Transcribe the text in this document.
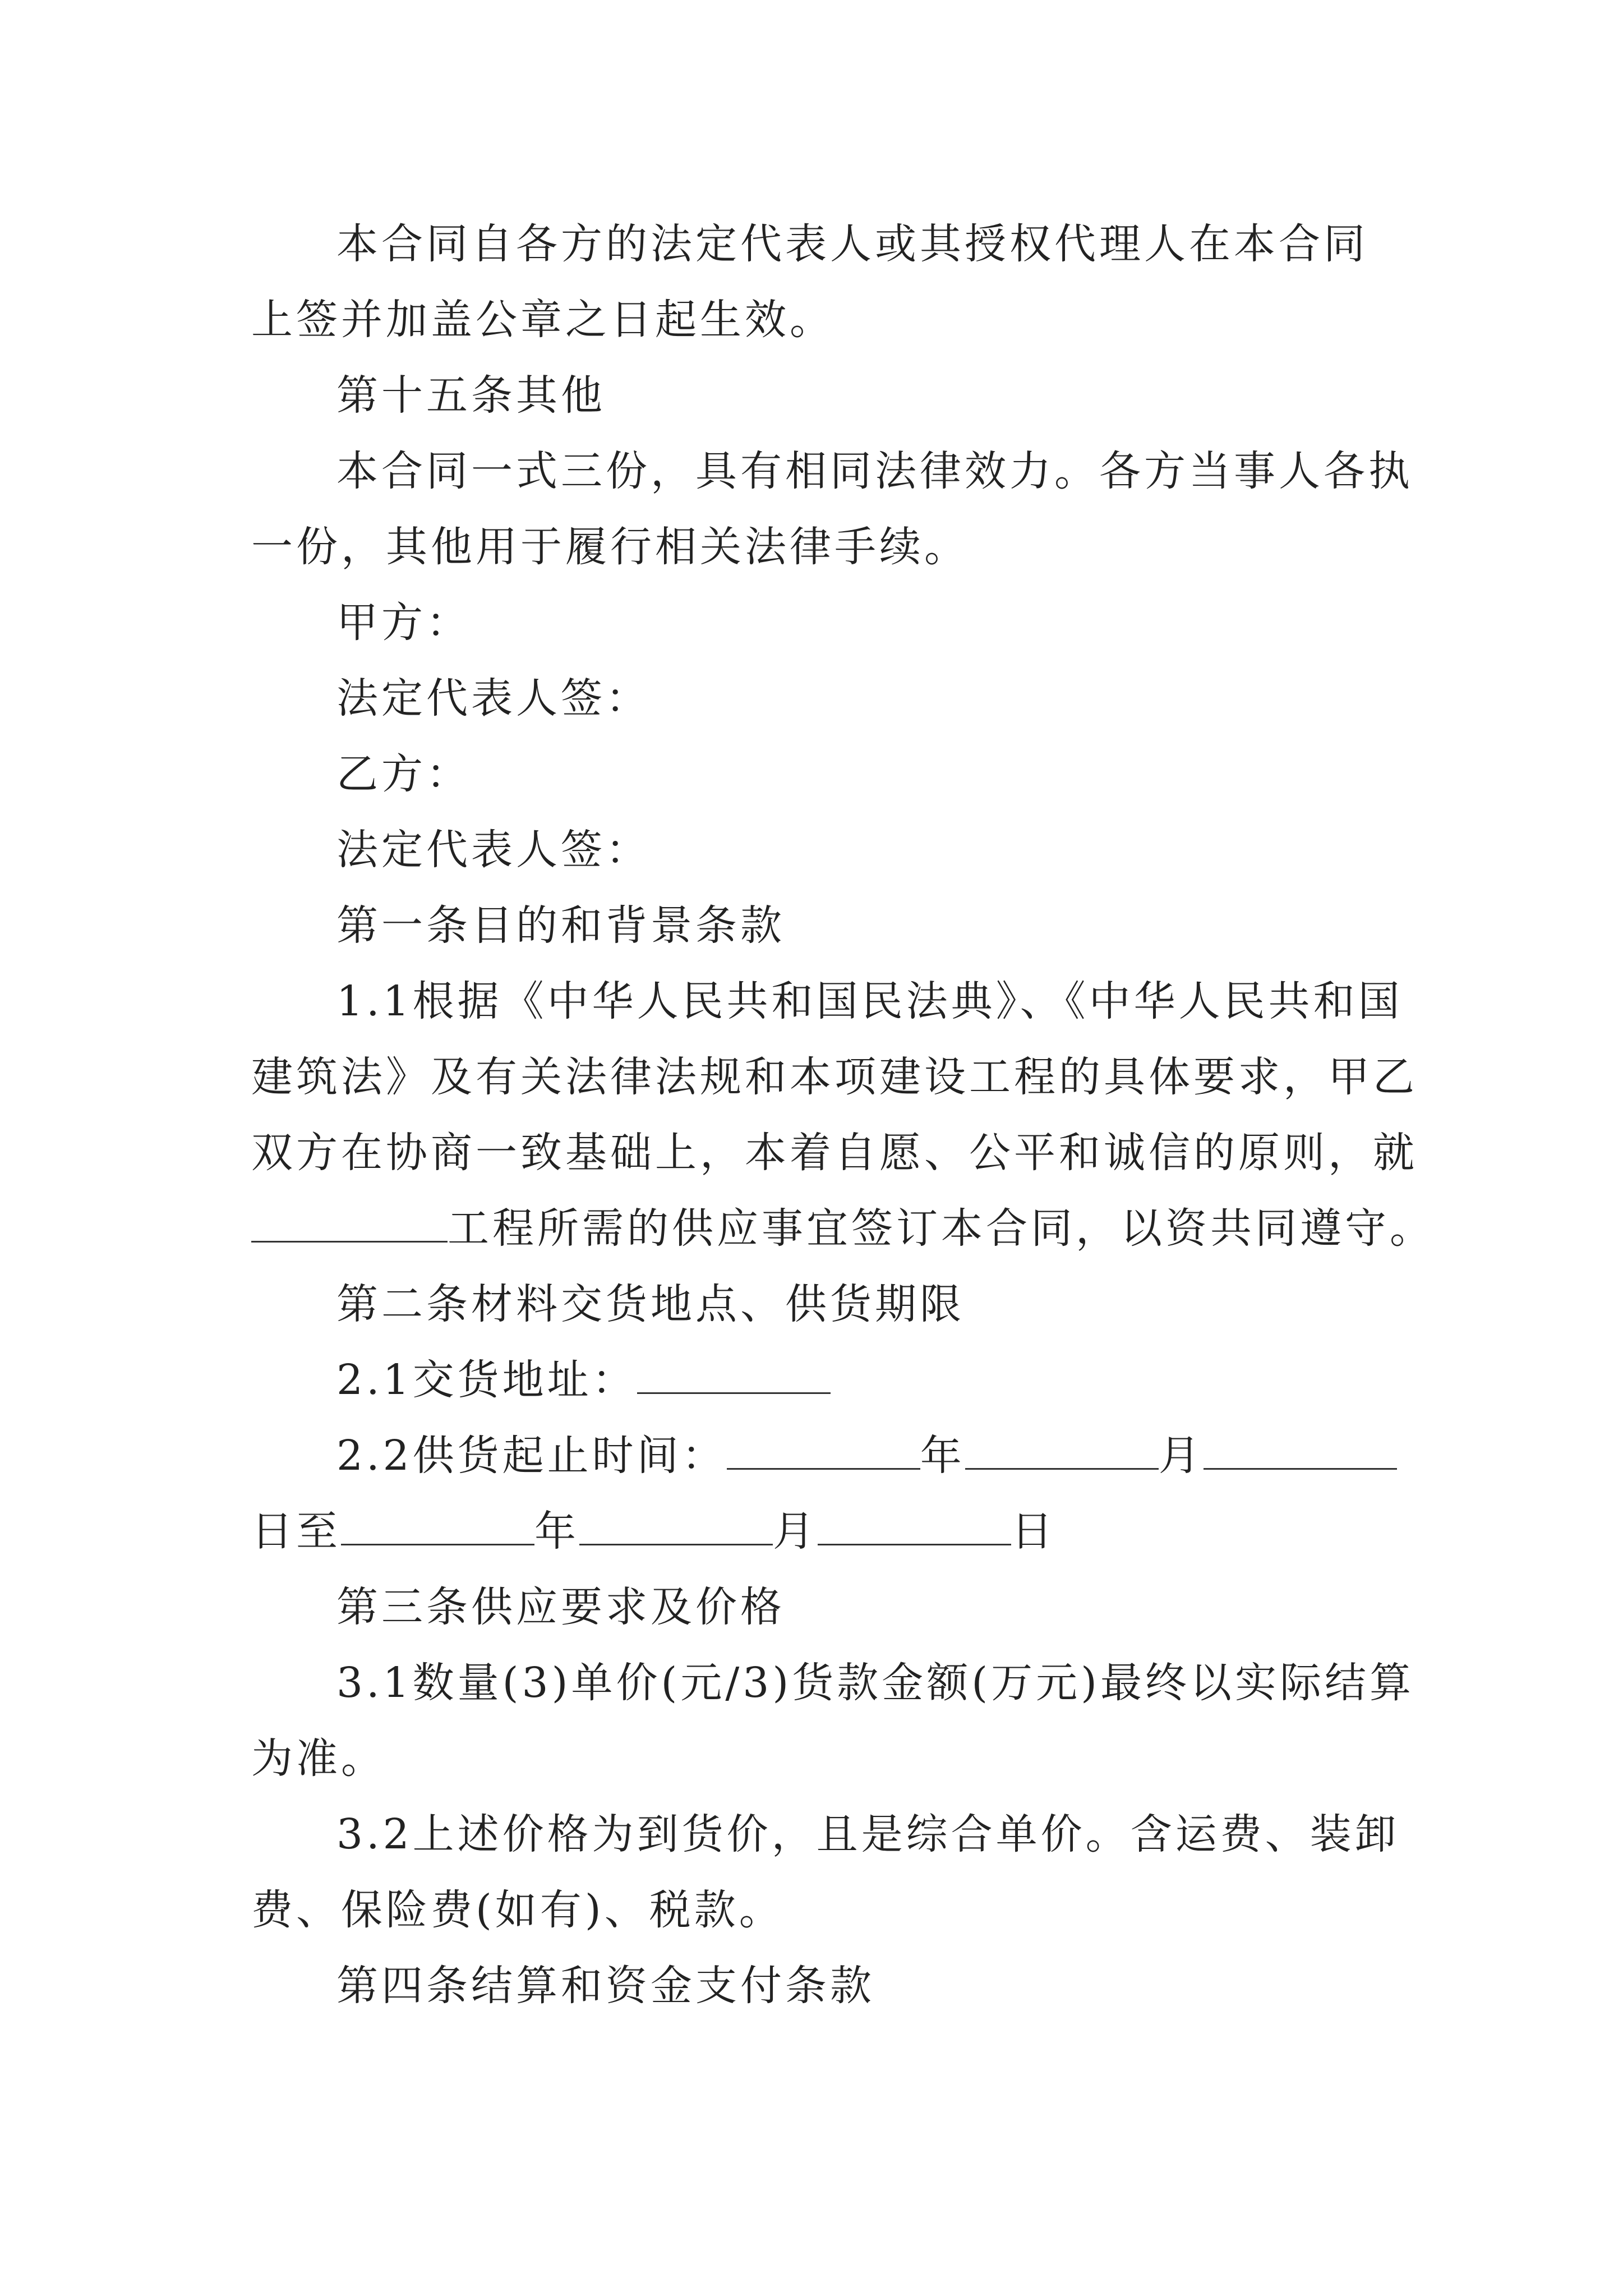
本合同自各方的法定代表人或其授权代理人在本合同
上签并加盖公章之日起生效。
第十五条其他
本合同一式三份，具有相同法律效力。各方当事人各执
一份，其他用于履行相关法律手续。
甲方：
法定代表人签：
乙方：
法定代表人签：
第一条目的和背景条款
1.1根据《中华人民共和国民法典》、《中华人民共和国
建筑法》及有关法律法规和本项建设工程的具体要求，甲乙
双方在协商一致基础上，本着自愿、公平和诚信的原则，就
工程所需的供应事宜签订本合同，以资共同遵守。
第二条材料交货地点、供货期限
2.1交货地址：
2.2供货起止时间：	年	月
日至	年	月	日
第三条供应要求及价格
3.1数量(3)单价(元/3)货款金额(万元)最终以实际结算
为准。
3.2上述价格为到货价，且是综合单价。含运费、装卸
费、保险费(如有)、税款。
第四条结算和资金支付条款
